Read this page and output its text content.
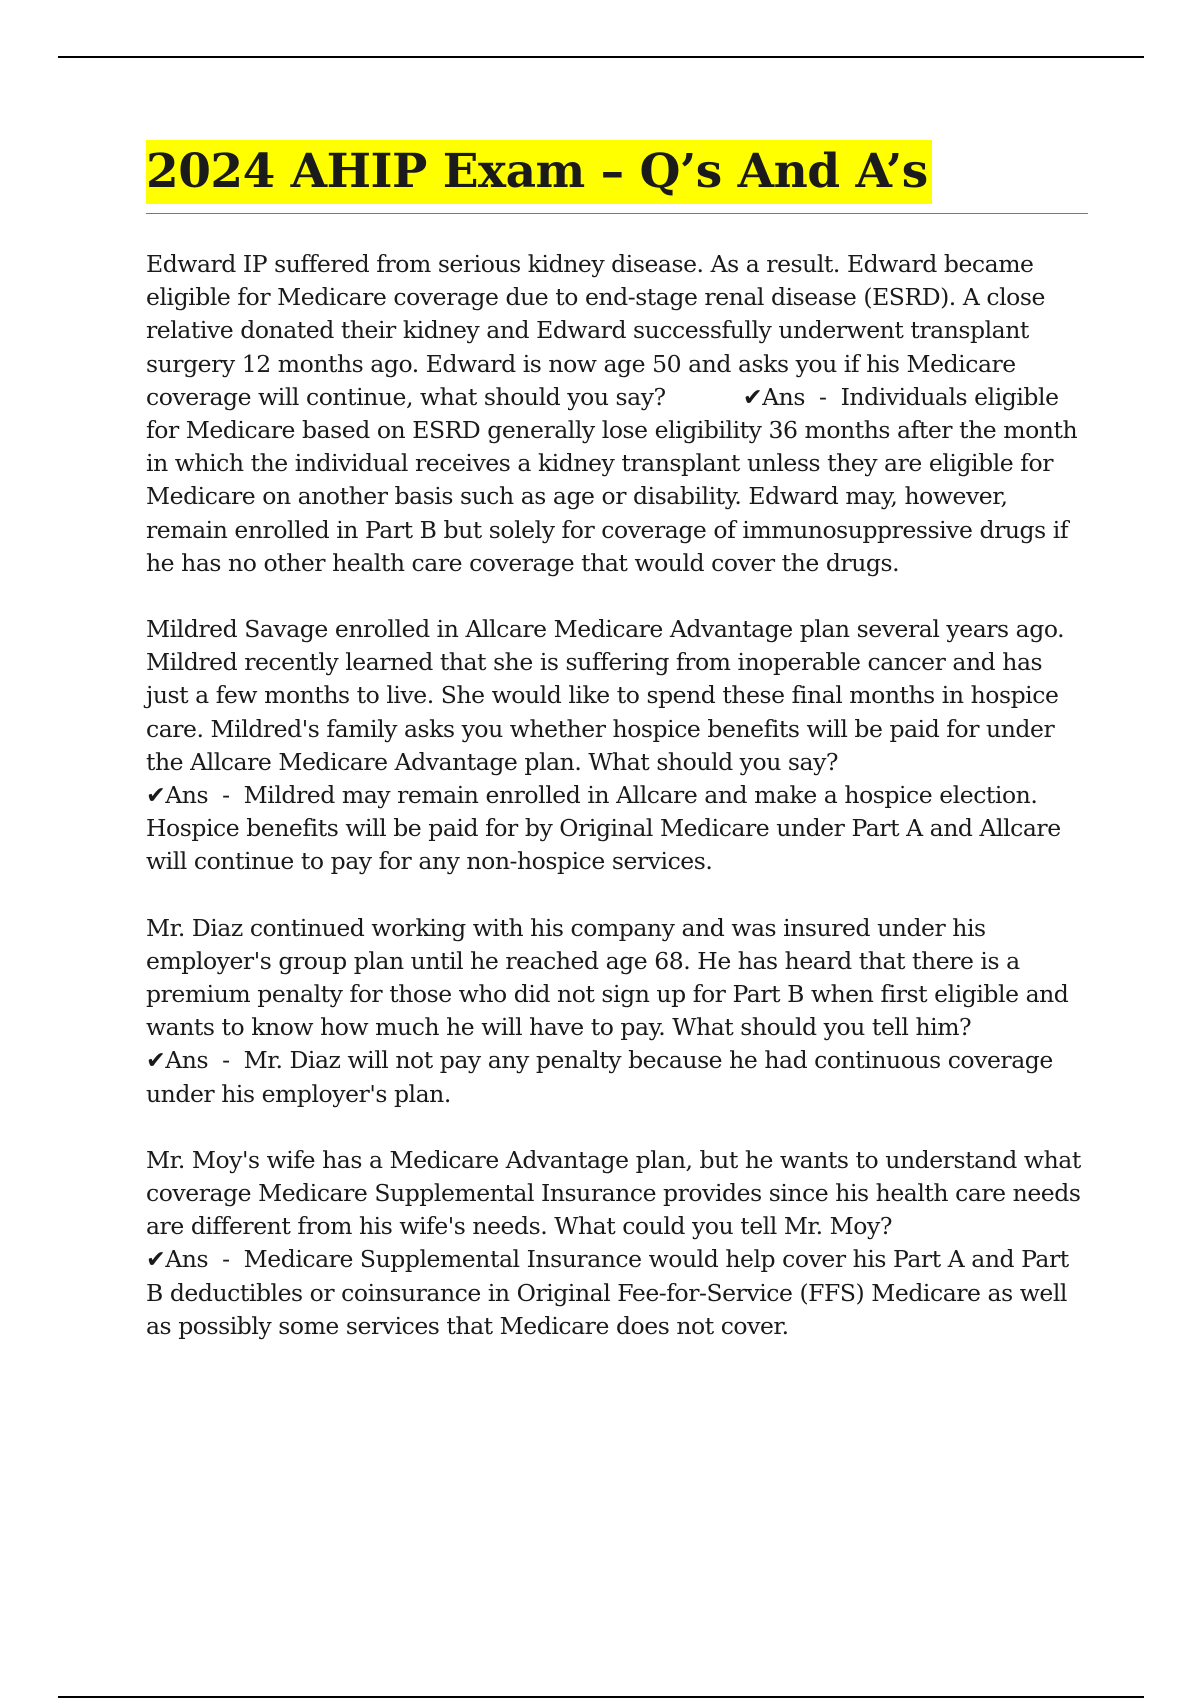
2024 AHIP Exam – Q’s And A’s

Edward IP suffered from serious kidney disease. As a result. Edward became eligible for Medicare coverage due to end-stage renal disease (ESRD). A close relative donated their kidney and Edward successfully underwent transplant surgery 12 months ago. Edward is now age 50 and asks you if his Medicare coverage will continue, what should you say?	✔Ans - Individuals eligible for Medicare based on ESRD generally lose eligibility 36 months after the month in which the individual receives a kidney transplant unless they are eligible for Medicare on another basis such as age or disability. Edward may, however, remain enrolled in Part B but solely for coverage of immunosuppressive drugs if he has no other health care coverage that would cover the drugs.

Mildred Savage enrolled in Allcare Medicare Advantage plan several years ago. Mildred recently learned that she is suffering from inoperable cancer and has just a few months to live. She would like to spend these final months in hospice care. Mildred's family asks you whether hospice benefits will be paid for under the Allcare Medicare Advantage plan. What should you say?
✔Ans - Mildred may remain enrolled in Allcare and make a hospice election. Hospice benefits will be paid for by Original Medicare under Part A and Allcare will continue to pay for any non-hospice services.

Mr. Diaz continued working with his company and was insured under his employer's group plan until he reached age 68. He has heard that there is a premium penalty for those who did not sign up for Part B when first eligible and wants to know how much he will have to pay. What should you tell him?
✔Ans - Mr. Diaz will not pay any penalty because he had continuous coverage under his employer's plan.

Mr. Moy's wife has a Medicare Advantage plan, but he wants to understand what coverage Medicare Supplemental Insurance provides since his health care needs are different from his wife's needs. What could you tell Mr. Moy?
✔Ans - Medicare Supplemental Insurance would help cover his Part A and Part B deductibles or coinsurance in Original Fee-for-Service (FFS) Medicare as well as possibly some services that Medicare does not cover.
